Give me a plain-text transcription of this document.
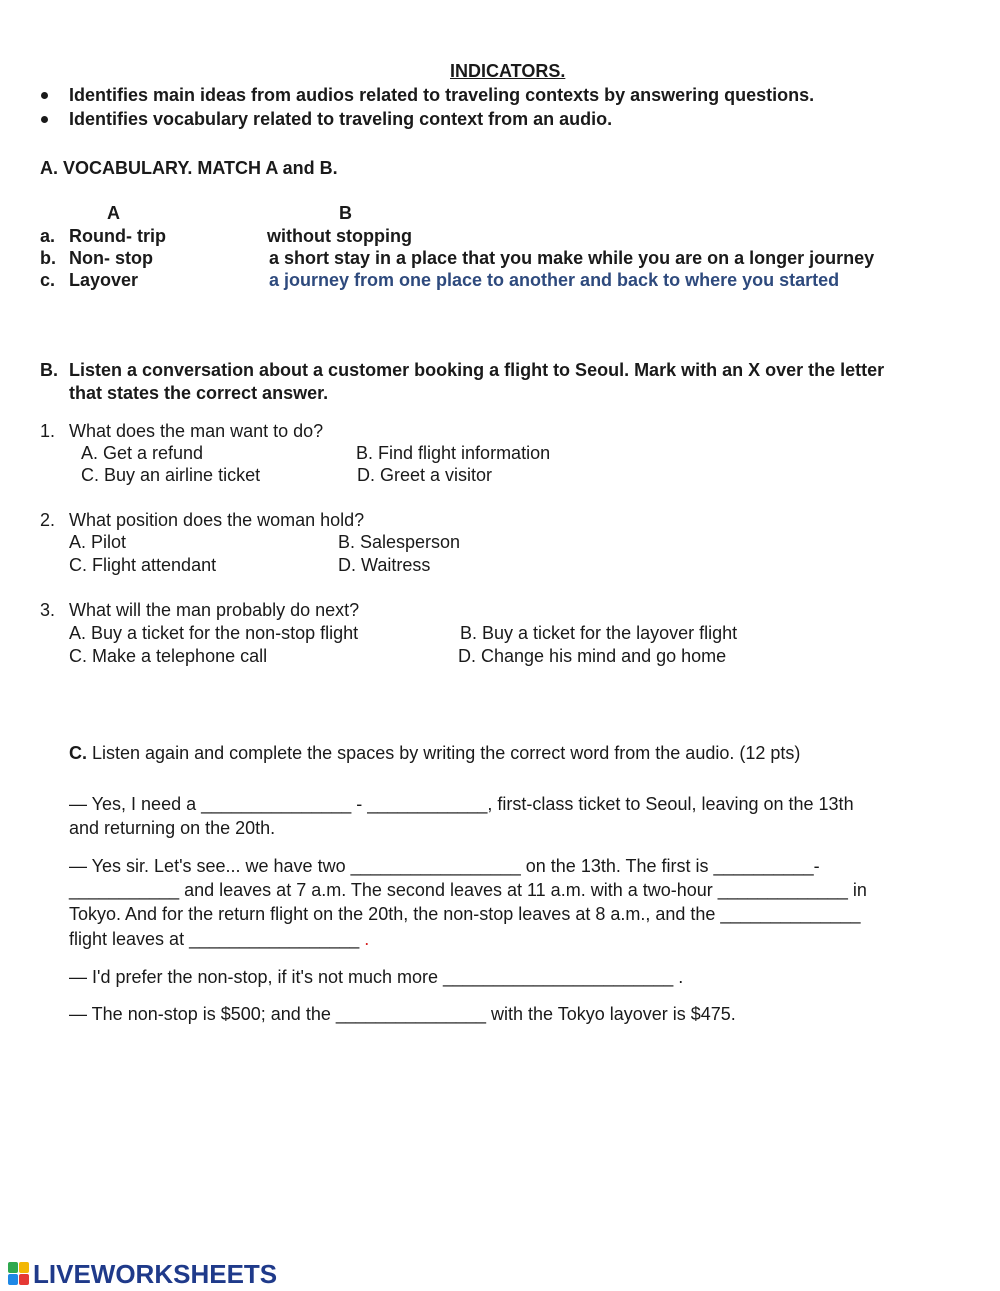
INDICATORS.
Identifies main ideas from audios related to traveling contexts by answering questions.
Identifies vocabulary related to traveling context from an audio.
A. VOCABULARY. MATCH A and B.
A	B
a. Round- trip	without stopping
b. Non- stop	a short stay in a place that you make while you are on a longer journey
c. Layover	a journey from one place to another and back to where you started
B. Listen a conversation about a customer booking a flight to Seoul. Mark with an X over the letter
that states the correct answer.
1. What does the man want to do?
A. Get a refund	B. Find flight information
C. Buy an airline ticket	D. Greet a visitor
2. What position does the woman hold?
A. Pilot	B. Salesperson
C. Flight attendant	D. Waitress
3. What will the man probably do next?
A. Buy a ticket for the non-stop flight	B. Buy a ticket for the layover flight
C. Make a telephone call	D. Change his mind and go home
C. Listen again and complete the spaces by writing the correct word from the audio. (12 pts)
— Yes, I need a _______________ - ____________, first-class ticket to Seoul, leaving on the 13th
and returning on the 20th.
— Yes sir. Let's see... we have two _________________ on the 13th. The first is __________-
___________ and leaves at 7 a.m. The second leaves at 11 a.m. with a two-hour _____________ in
Tokyo. And for the return flight on the 20th, the non-stop leaves at 8 a.m., and the ______________
flight leaves at _________________ .
— I'd prefer the non-stop, if it's not much more _______________________ .
— The non-stop is $500; and the _______________ with the Tokyo layover is $475.
LIVEWORKSHEETS
